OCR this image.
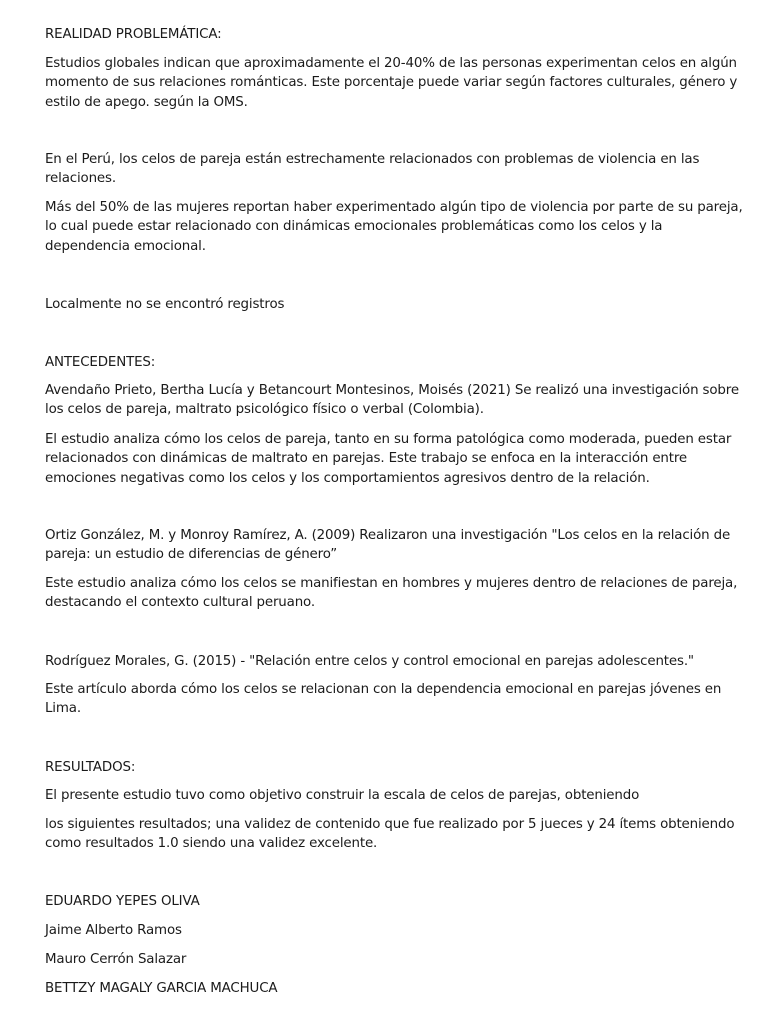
REALIDAD PROBLEMÁTICA:

Estudios globales indican que aproximadamente el 20-40% de las personas experimentan celos en algún momento de sus relaciones románticas. Este porcentaje puede variar según factores culturales, género y estilo de apego. según la OMS.

En el Perú, los celos de pareja están estrechamente relacionados con problemas de violencia en las relaciones.

Más del 50% de las mujeres reportan haber experimentado algún tipo de violencia por parte de su pareja, lo cual puede estar relacionado con dinámicas emocionales problemáticas como los celos y la dependencia emocional.

Localmente no se encontró registros

ANTECEDENTES:

Avendaño Prieto, Bertha Lucía y Betancourt Montesinos, Moisés (2021) Se realizó una investigación sobre los celos de pareja, maltrato psicológico físico o verbal (Colombia).

El estudio analiza cómo los celos de pareja, tanto en su forma patológica como moderada, pueden estar relacionados con dinámicas de maltrato en parejas. Este trabajo se enfoca en la interacción entre emociones negativas como los celos y los comportamientos agresivos dentro de la relación.

Ortiz González, M. y Monroy Ramírez, A. (2009) Realizaron una investigación "Los celos en la relación de pareja: un estudio de diferencias de género”

Este estudio analiza cómo los celos se manifiestan en hombres y mujeres dentro de relaciones de pareja, destacando el contexto cultural peruano.

Rodríguez Morales, G. (2015) - "Relación entre celos y control emocional en parejas adolescentes."

Este artículo aborda cómo los celos se relacionan con la dependencia emocional en parejas jóvenes en Lima.

RESULTADOS:

El presente estudio tuvo como objetivo construir la escala de celos de parejas, obteniendo

los siguientes resultados; una validez de contenido que fue realizado por 5 jueces y 24 ítems obteniendo como resultados 1.0 siendo una validez excelente.

EDUARDO YEPES OLIVA

Jaime Alberto Ramos

Mauro Cerrón Salazar

BETTZY MAGALY GARCIA MACHUCA
